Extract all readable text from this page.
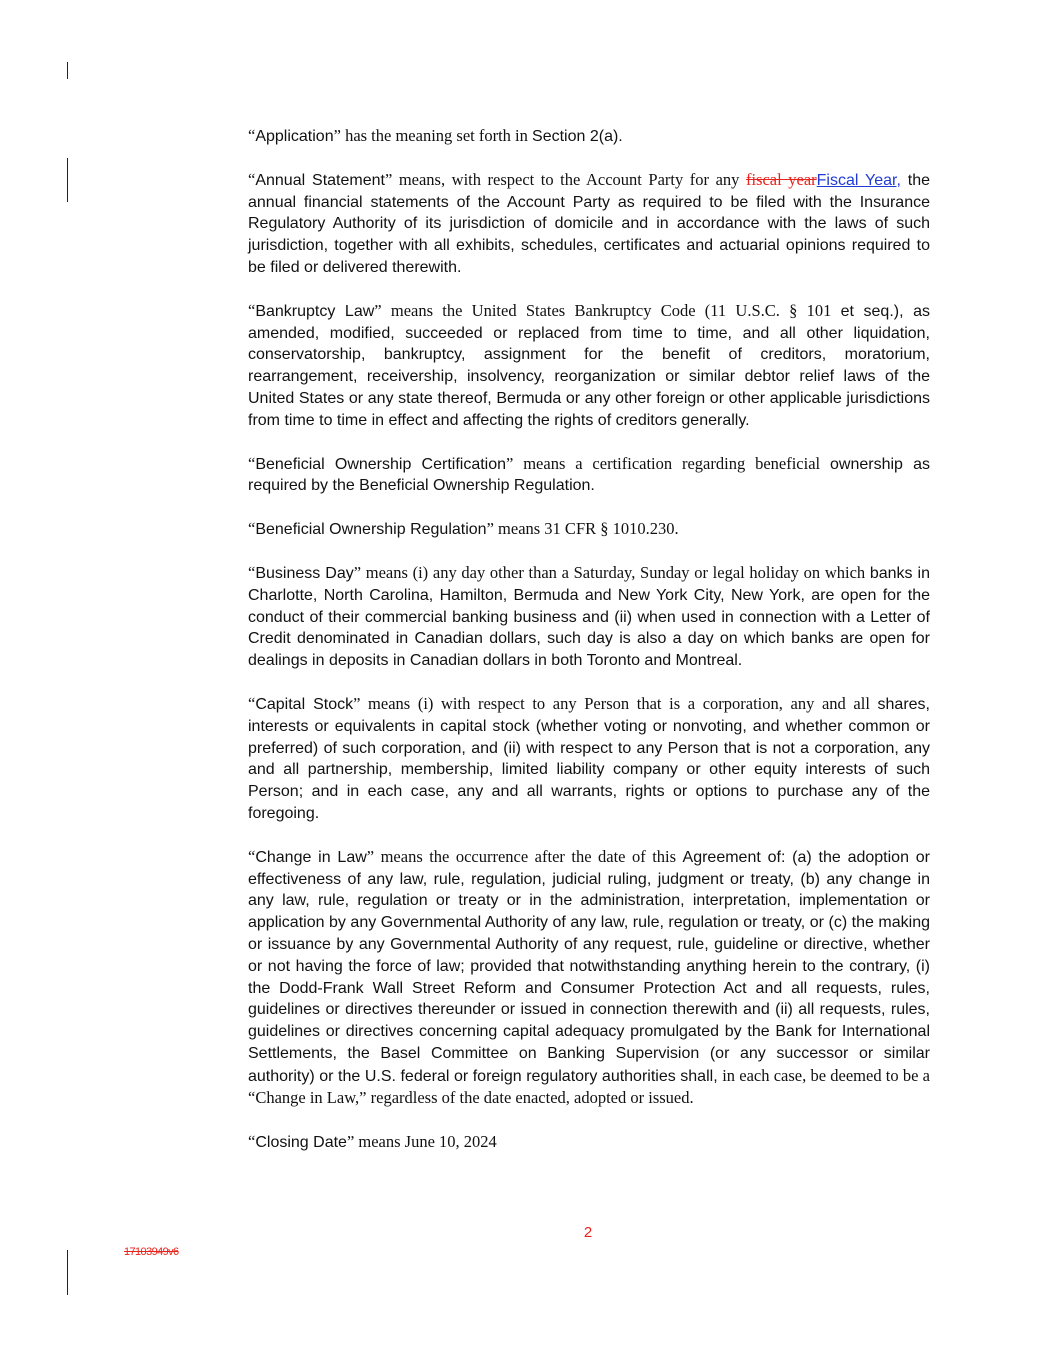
“Application” has the meaning set forth in Section 2(a).

“Annual Statement” means, with respect to the Account Party for any fiscal yearFiscal Year, the annual financial statements of the Account Party as required to be filed with the Insurance Regulatory Authority of its jurisdiction of domicile and in accordance with the laws of such jurisdiction, together with all exhibits, schedules, certificates and actuarial opinions required to be filed or delivered therewith.

“Bankruptcy Law” means the United States Bankruptcy Code (11 U.S.C. § 101 et seq.), as amended, modified, succeeded or replaced from time to time, and all other liquidation, conservatorship, bankruptcy, assignment for the benefit of creditors, moratorium, rearrangement, receivership, insolvency, reorganization or similar debtor relief laws of the United States or any state thereof, Bermuda or any other foreign or other applicable jurisdictions from time to time in effect and affecting the rights of creditors generally.

“Beneficial Ownership Certification” means a certification regarding beneficial ownership as required by the Beneficial Ownership Regulation.

“Beneficial Ownership Regulation” means 31 CFR § 1010.230.

“Business Day” means (i) any day other than a Saturday, Sunday or legal holiday on which banks in Charlotte, North Carolina, Hamilton, Bermuda and New York City, New York, are open for the conduct of their commercial banking business and (ii) when used in connection with a Letter of Credit denominated in Canadian dollars, such day is also a day on which banks are open for dealings in deposits in Canadian dollars in both Toronto and Montreal.

“Capital Stock” means (i) with respect to any Person that is a corporation, any and all shares, interests or equivalents in capital stock (whether voting or nonvoting, and whether common or preferred) of such corporation, and (ii) with respect to any Person that is not a corporation, any and all partnership, membership, limited liability company or other equity interests of such Person; and in each case, any and all warrants, rights or options to purchase any of the foregoing.

“Change in Law” means the occurrence after the date of this Agreement of: (a) the adoption or effectiveness of any law, rule, regulation, judicial ruling, judgment or treaty, (b) any change in any law, rule, regulation or treaty or in the administration, interpretation, implementation or application by any Governmental Authority of any law, rule, regulation or treaty, or (c) the making or issuance by any Governmental Authority of any request, rule, guideline or directive, whether or not having the force of law; provided that notwithstanding anything herein to the contrary, (i) the Dodd-Frank Wall Street Reform and Consumer Protection Act and all requests, rules, guidelines or directives thereunder or issued in connection therewith and (ii) all requests, rules, guidelines or directives concerning capital adequacy promulgated by the Bank for International Settlements, the Basel Committee on Banking Supervision (or any successor or similar authority) or the U.S. federal or foreign regulatory authorities shall, in each case, be deemed to be a “Change in Law,” regardless of the date enacted, adopted or issued.

“Closing Date” means June 10, 2024

2
17103949v6
